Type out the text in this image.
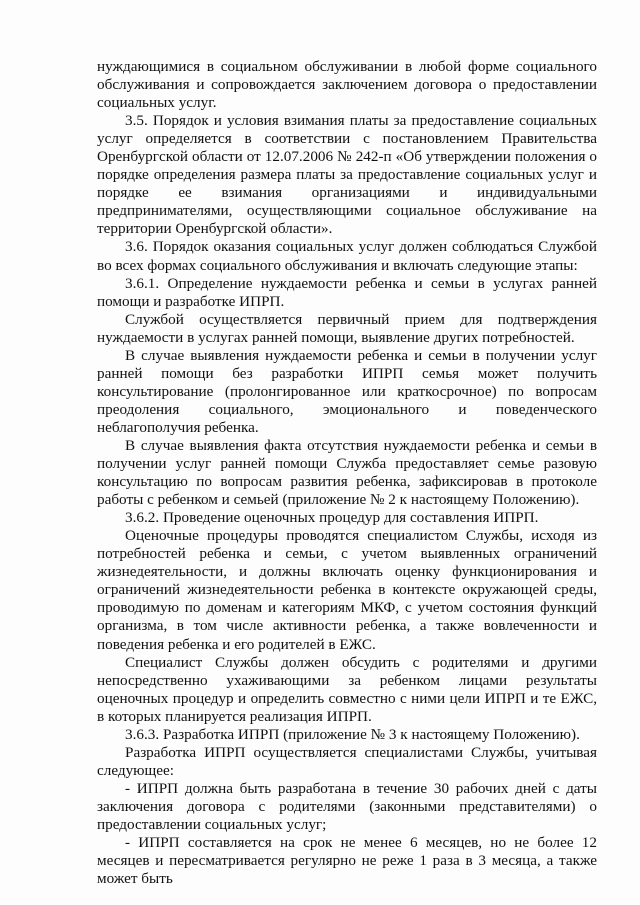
нуждающимися в социальном обслуживании в любой форме социального обслуживания и сопровождается заключением договора о предоставлении социальных услуг.

3.5. Порядок и условия взимания платы за предоставление социальных услуг определяется в соответствии с постановлением Правительства Оренбургской области от 12.07.2006 № 242-п «Об утверждении положения о порядке определения размера платы за предоставление социальных услуг и порядке ее взимания организациями и индивидуальными предпринимателями, осуществляющими социальное обслуживание на территории Оренбургской области».

3.6. Порядок оказания социальных услуг должен соблюдаться Службой во всех формах социального обслуживания и включать следующие этапы:

3.6.1. Определение нуждаемости ребенка и семьи в услугах ранней помощи и разработке ИПРП.

Службой осуществляется первичный прием для подтверждения нуждаемости в услугах ранней помощи, выявление других потребностей.

В случае выявления нуждаемости ребенка и семьи в получении услуг ранней помощи без разработки ИПРП семья может получить консультирование (пролонгированное или краткосрочное) по вопросам преодоления социального, эмоционального и поведенческого неблагополучия ребенка.

В случае выявления факта отсутствия нуждаемости ребенка и семьи в получении услуг ранней помощи Служба предоставляет семье разовую консультацию по вопросам развития ребенка, зафиксировав в протоколе работы с ребенком и семьей (приложение № 2 к настоящему Положению).

3.6.2. Проведение оценочных процедур для составления ИПРП.

Оценочные процедуры проводятся специалистом Службы, исходя из потребностей ребенка и семьи, с учетом выявленных ограничений жизнедеятельности, и должны включать оценку функционирования и ограничений жизнедеятельности ребенка в контексте окружающей среды, проводимую по доменам и категориям МКФ, с учетом состояния функций организма, в том числе активности ребенка, а также вовлеченности и поведения ребенка и его родителей в ЕЖС.

Специалист Службы должен обсудить с родителями и другими непосредственно ухаживающими за ребенком лицами результаты оценочных процедур и определить совместно с ними цели ИПРП и те ЕЖС, в которых планируется реализация ИПРП.

3.6.3. Разработка ИПРП (приложение № 3 к настоящему Положению).

Разработка ИПРП осуществляется специалистами Службы, учитывая следующее:

- ИПРП должна быть разработана в течение 30 рабочих дней с даты заключения договора с родителями (законными представителями) о предоставлении социальных услуг;

- ИПРП составляется на срок не менее 6 месяцев, но не более 12 месяцев и пересматривается регулярно не реже 1 раза в 3 месяца, а также может быть
